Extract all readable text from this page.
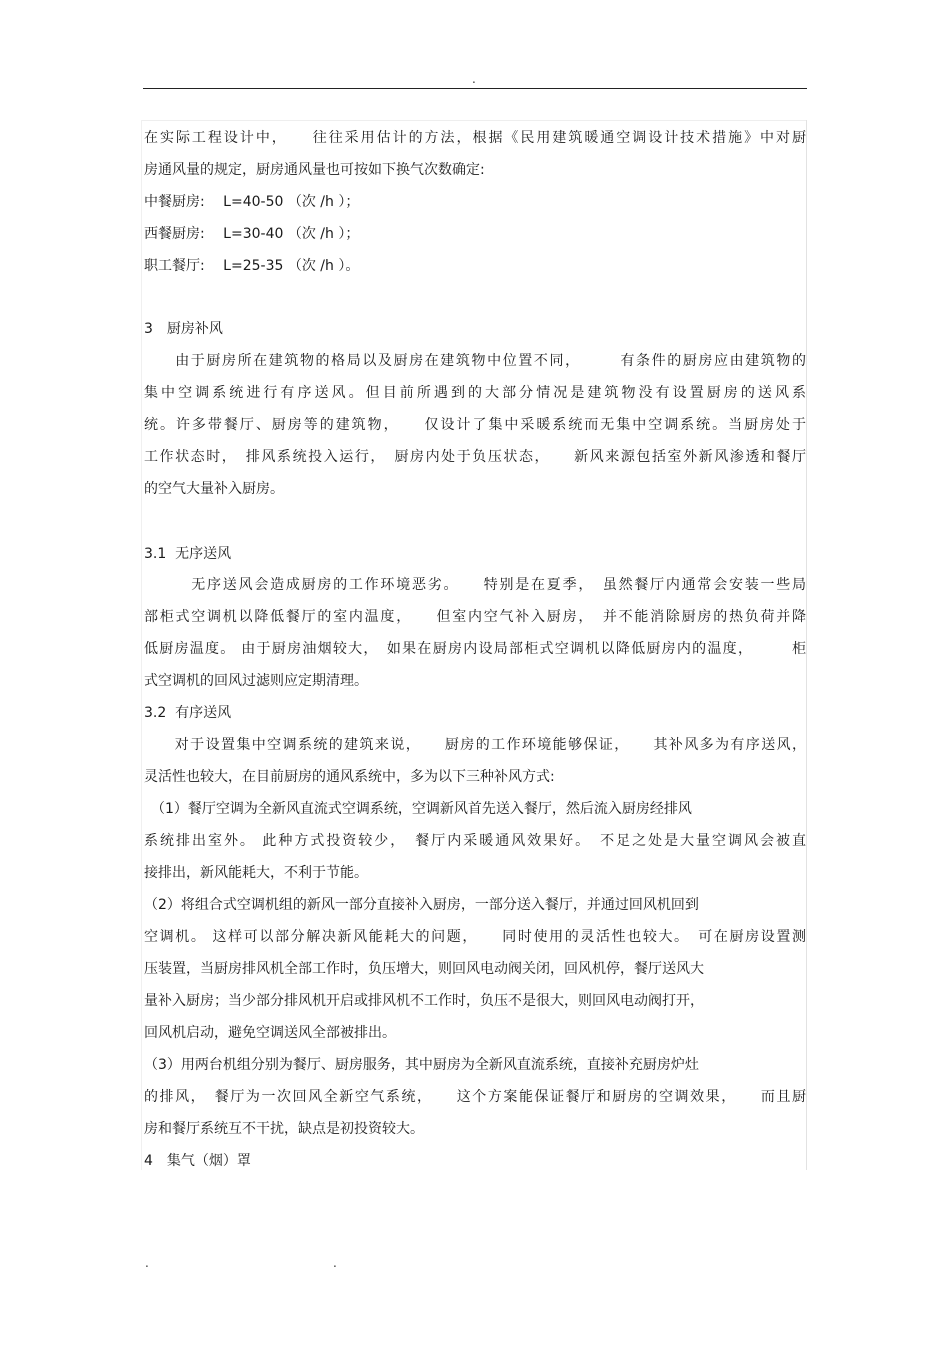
.
在实际工程设计中，　　往往采用估计的方法，根据《民用建筑暖通空调设计技术措施》中对厨
房通风量的规定，厨房通风量也可按如下换气次数确定:
中餐厨房:　 L=40-50 （次 /h ）；
西餐厨房:　 L=30-40 （次 /h ）；
职工餐厅:　 L=25-35 （次 /h ）。
3　厨房补风
　　由于厨房所在建筑物的格局以及厨房在建筑物中位置不同，　　　有条件的厨房应由建筑物的
集中空调系统进行有序送风。但目前所遇到的大部分情况是建筑物没有设置厨房的送风系
统。许多带餐厅、厨房等的建筑物，　　仅设计了集中采暖系统而无集中空调系统。当厨房处于
工作状态时，　排风系统投入运行，　厨房内处于负压状态，　　新风来源包括室外新风渗透和餐厅
的空气大量补入厨房。
3.1  无序送风
　　　无序送风会造成厨房的工作环境恶劣。　　特别是在夏季，　虽然餐厅内通常会安装一些局
部柜式空调机以降低餐厅的室内温度，　　但室内空气补入厨房，　并不能消除厨房的热负荷并降
低厨房温度。 由于厨房油烟较大，　如果在厨房内设局部柜式空调机以降低厨房内的温度，　　　柜
式空调机的回风过滤则应定期清理。
3.2  有序送风
　　对于设置集中空调系统的建筑来说，　　厨房的工作环境能够保证，　　其补风多为有序送风，
灵活性也较大，在目前厨房的通风系统中，多为以下三种补风方式:
　（1）餐厅空调为全新风直流式空调系统，空调新风首先送入餐厅，然后流入厨房经排风
系统排出室外。 此种方式投资较少，　餐厅内采暖通风效果好。　不足之处是大量空调风会被直
接排出，新风能耗大，不利于节能。
（2）将组合式空调机组的新风一部分直接补入厨房，一部分送入餐厅，并通过回风机回到
空调机。 这样可以部分解决新风能耗大的问题，　　同时使用的灵活性也较大。　可在厨房设置测
压装置，当厨房排风机全部工作时，负压增大，则回风电动阀关闭，回风机停，餐厅送风大
量补入厨房；当少部分排风机开启或排风机不工作时，负压不是很大，则回风电动阀打开，
回风机启动，避免空调送风全部被排出。
（3）用两台机组分别为餐厅、厨房服务，其中厨房为全新风直流系统，直接补充厨房炉灶
的排风，　餐厅为一次回风全新空气系统，　　这个方案能保证餐厅和厨房的空调效果，　　而且厨
房和餐厅系统互不干扰，缺点是初投资较大。
4　集气（烟）罩
.	.
